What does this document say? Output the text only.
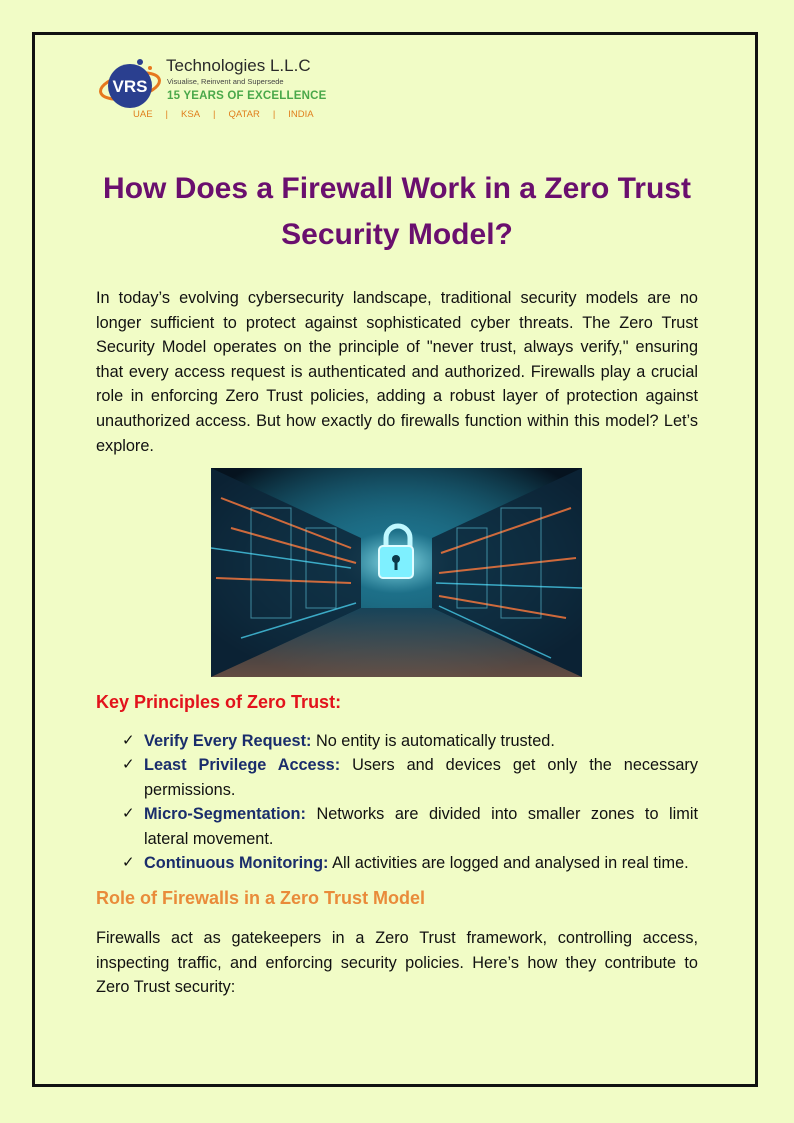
VRS
Technologies L.L.C
Visualise, Reinvent and Supersede
15 YEARS OF EXCELLENCE
UAE	|	KSA	|	QATAR	|	INDIA
How Does a Firewall Work in a Zero Trust Security Model?

In today’s evolving cybersecurity landscape, traditional security models are no longer sufficient to protect against sophisticated cyber threats. The Zero Trust Security Model operates on the principle of "never trust, always verify," ensuring that every access request is authenticated and authorized. Firewalls play a crucial role in enforcing Zero Trust policies, adding a robust layer of protection against unauthorized access. But how exactly do firewalls function within this model? Let’s explore.

Key Principles of Zero Trust:
✓ Verify Every Request: No entity is automatically trusted.
✓ Least Privilege Access: Users and devices get only the necessary permissions.
✓ Micro-Segmentation: Networks are divided into smaller zones to limit lateral movement.
✓ Continuous Monitoring: All activities are logged and analysed in real time.
Role of Firewalls in a Zero Trust Model

Firewalls act as gatekeepers in a Zero Trust framework, controlling access, inspecting traffic, and enforcing security policies. Here’s how they contribute to Zero Trust security:
